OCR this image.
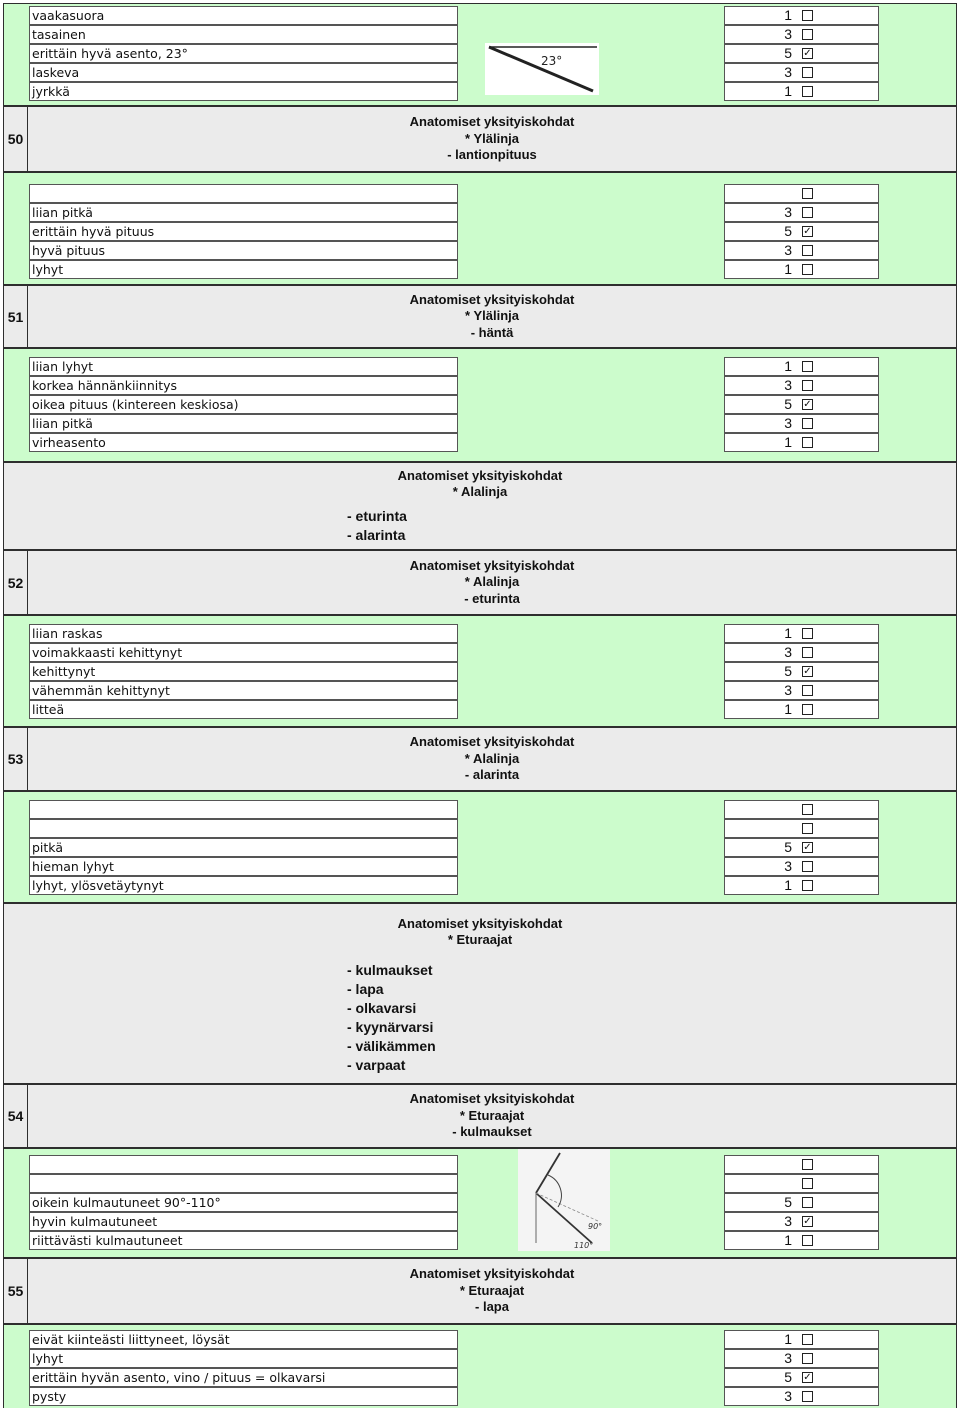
vaakasuora	1
tasainen	3
erittäin hyvä asento, 23°	5 ✓
laskeva	3
jyrkkä	1
23°
50
Anatomiset yksityiskohdat
* Ylälinja
- lantionpituus
liian pitkä	3
erittäin hyvä pituus	5 ✓
hyvä pituus	3
lyhyt	1
51
Anatomiset yksityiskohdat
* Ylälinja
- häntä
liian lyhyt	1
korkea hännänkiinnitys	3
oikea pituus (kintereen keskiosa)	5 ✓
liian pitkä	3
virheasento	1
Anatomiset yksityiskohdat
* Alalinja
- eturinta
- alarinta
52
Anatomiset yksityiskohdat
* Alalinja
- eturinta
liian raskas	1
voimakkaasti kehittynyt	3
kehittynyt	5 ✓
vähemmän kehittynyt	3
litteä	1
53
Anatomiset yksityiskohdat
* Alalinja
- alarinta
pitkä	5 ✓
hieman lyhyt	3
lyhyt, ylösvetäytynyt	1
Anatomiset yksityiskohdat
* Eturaajat
- kulmaukset
- lapa
- olkavarsi
- kyynärvarsi
- välikämmen
- varpaat
54
Anatomiset yksityiskohdat
* Eturaajat
- kulmaukset
oikein kulmautuneet 90°-110°	5
hyvin kulmautuneet	3 ✓
riittävästi kulmautuneet	1
90°
110°
55
Anatomiset yksityiskohdat
* Eturaajat
- lapa
eivät kiinteästi liittyneet, löysät	1
lyhyt	3
erittäin hyvän asento, vino / pituus = olkavarsi	5 ✓
pysty	3
